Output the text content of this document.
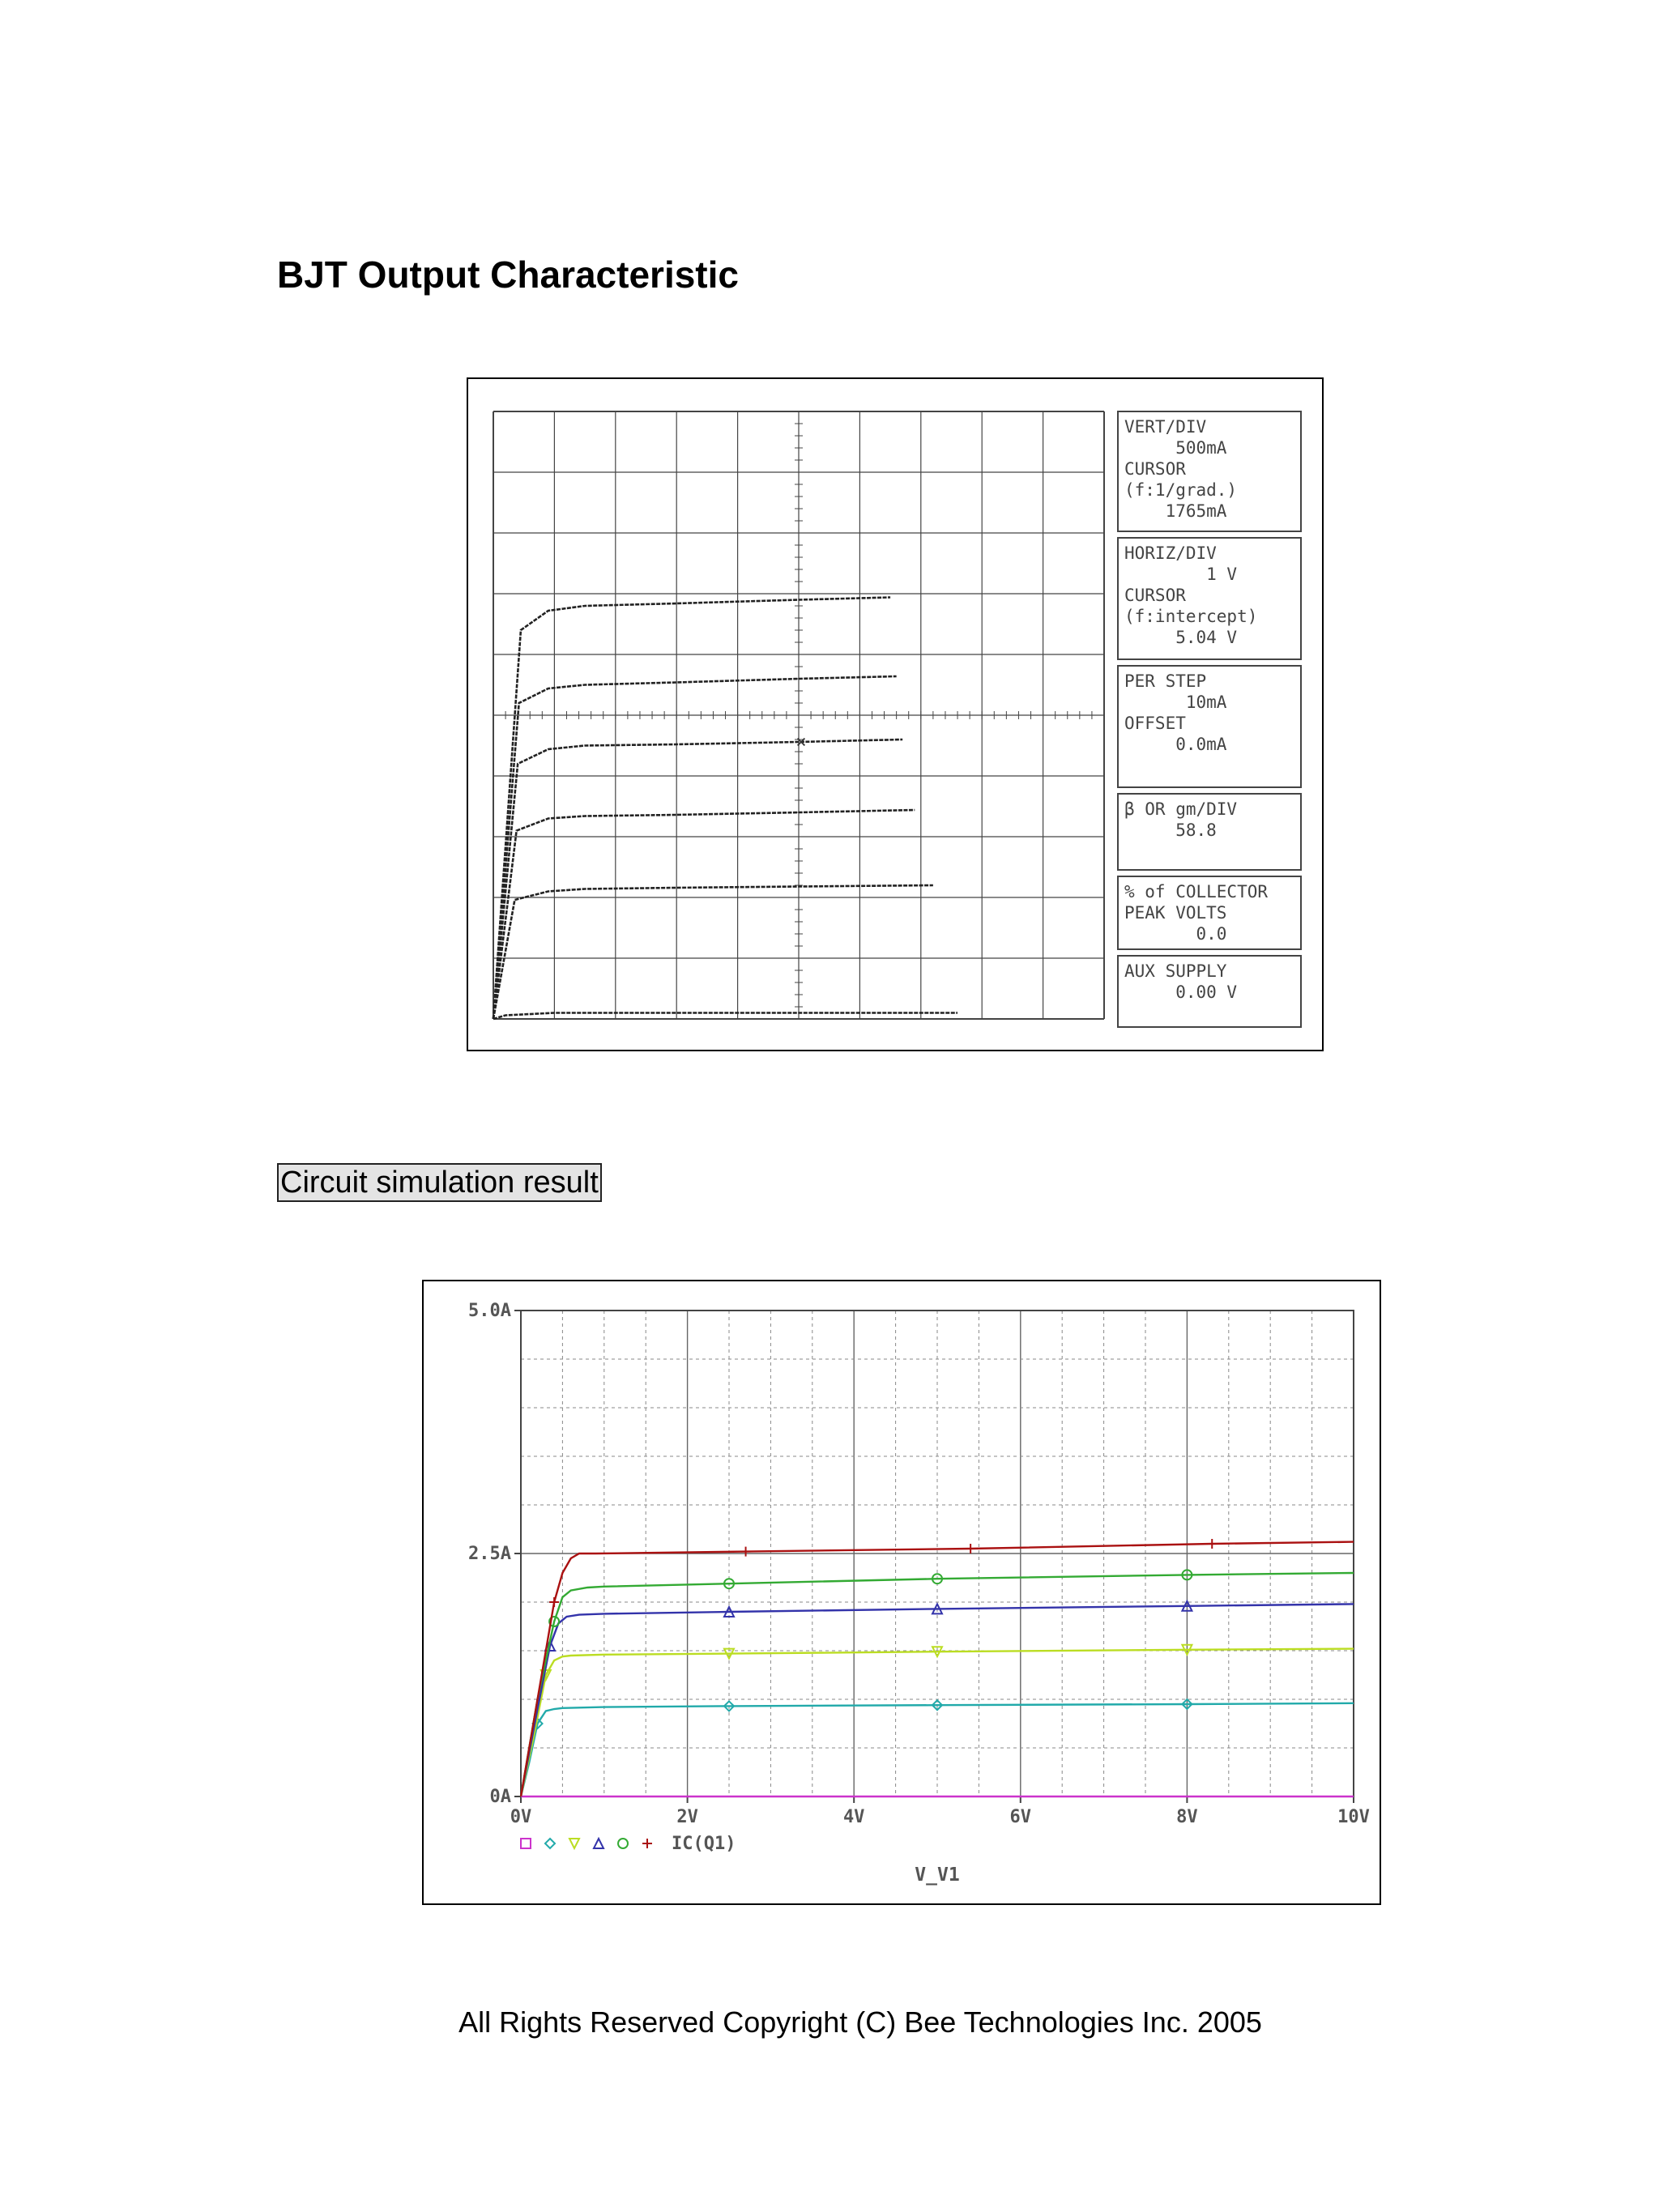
BJT Output Characteristic
×
VERT/DIV
500mA
CURSOR
(f:1/grad.)
1765mA
HORIZ/DIV
1 V
CURSOR
(f:intercept)
5.04 V
PER STEP
10mA
OFFSET
0.0mA
β OR gm/DIV
58.8
% of COLLECTOR
PEAK VOLTS
0.0
AUX SUPPLY
0.00 V
Circuit simulation result
0V	2V	4V	6V	8V	10V
0A
2.5A
5.0A
IC(Q1)
V_V1
All Rights Reserved Copyright (C) Bee Technologies Inc. 2005
